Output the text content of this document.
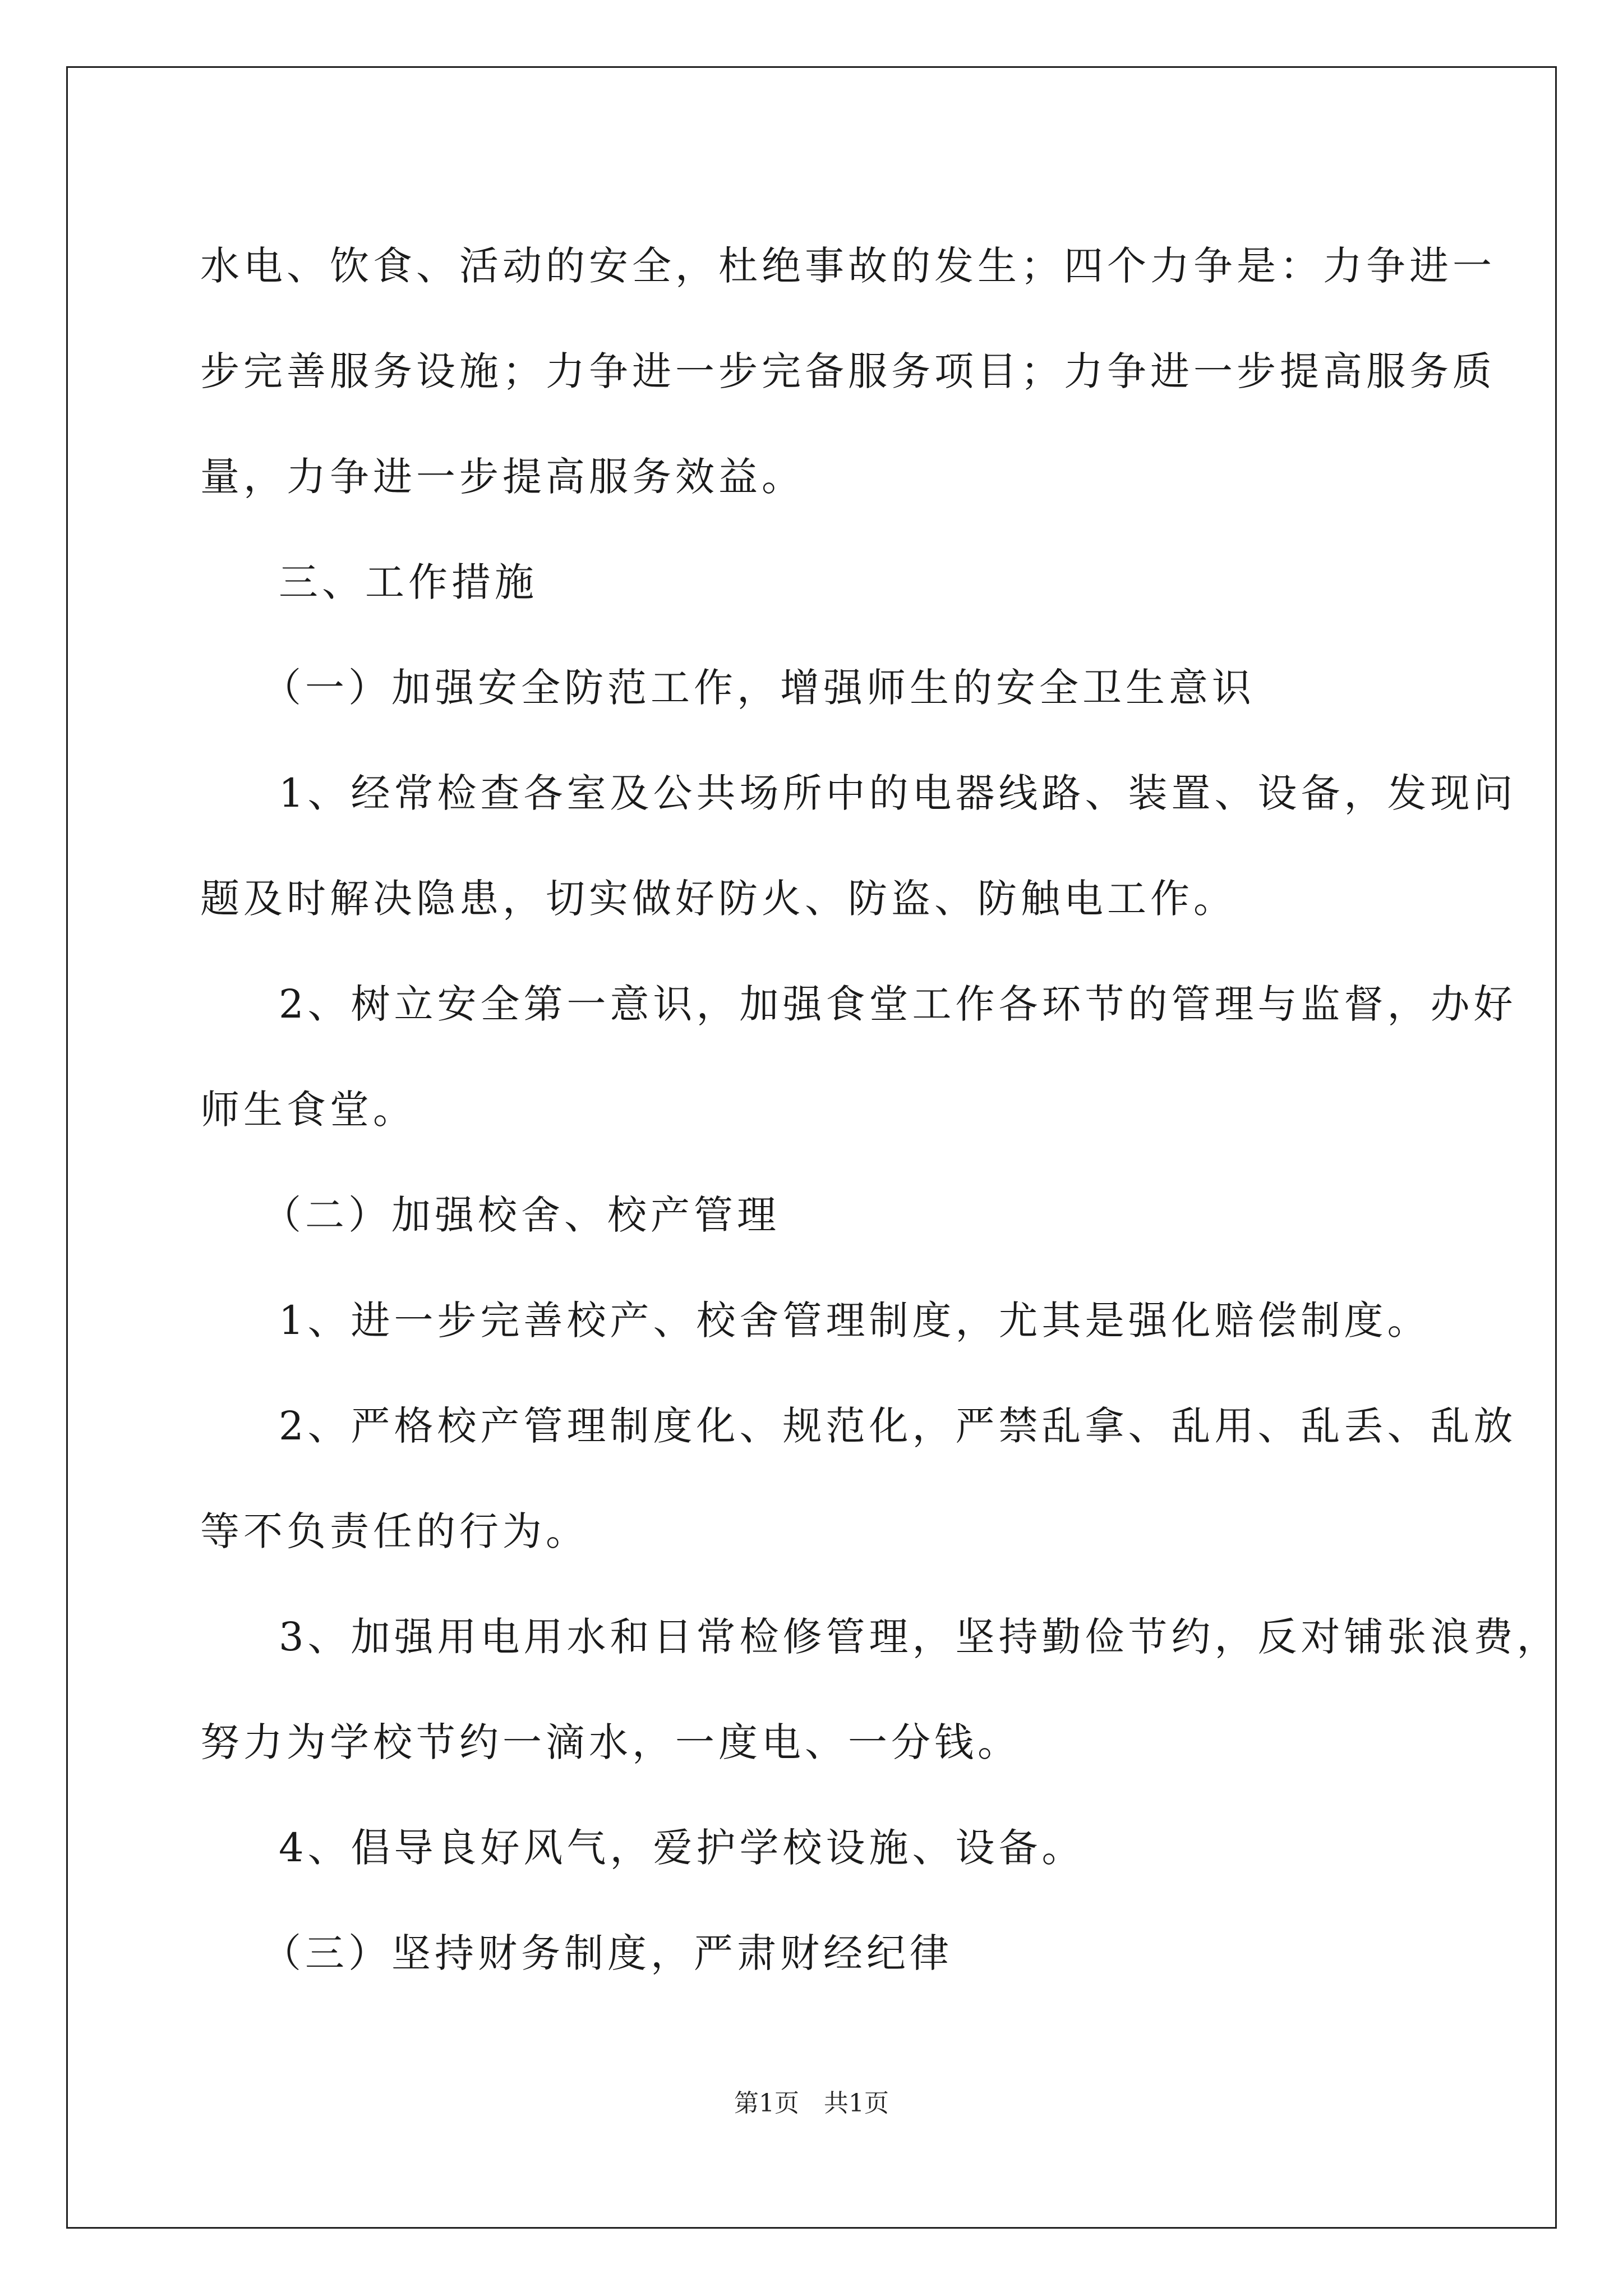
水电、饮食、活动的安全，杜绝事故的发生；四个力争是：力争进一

步完善服务设施；力争进一步完备服务项目；力争进一步提高服务质

量，力争进一步提高服务效益。

三、工作措施

（一）加强安全防范工作，增强师生的安全卫生意识

1、经常检查各室及公共场所中的电器线路、装置、设备，发现问

题及时解决隐患，切实做好防火、防盗、防触电工作。

2、树立安全第一意识，加强食堂工作各环节的管理与监督，办好

师生食堂。

（二）加强校舍、校产管理

1、进一步完善校产、校舍管理制度，尤其是强化赔偿制度。

2、严格校产管理制度化、规范化，严禁乱拿、乱用、乱丢、乱放

等不负责任的行为。

3、加强用电用水和日常检修管理，坚持勤俭节约，反对铺张浪费，

努力为学校节约一滴水，一度电、一分钱。

4、倡导良好风气，爱护学校设施、设备。

（三）坚持财务制度，严肃财经纪律

第1页　共1页
